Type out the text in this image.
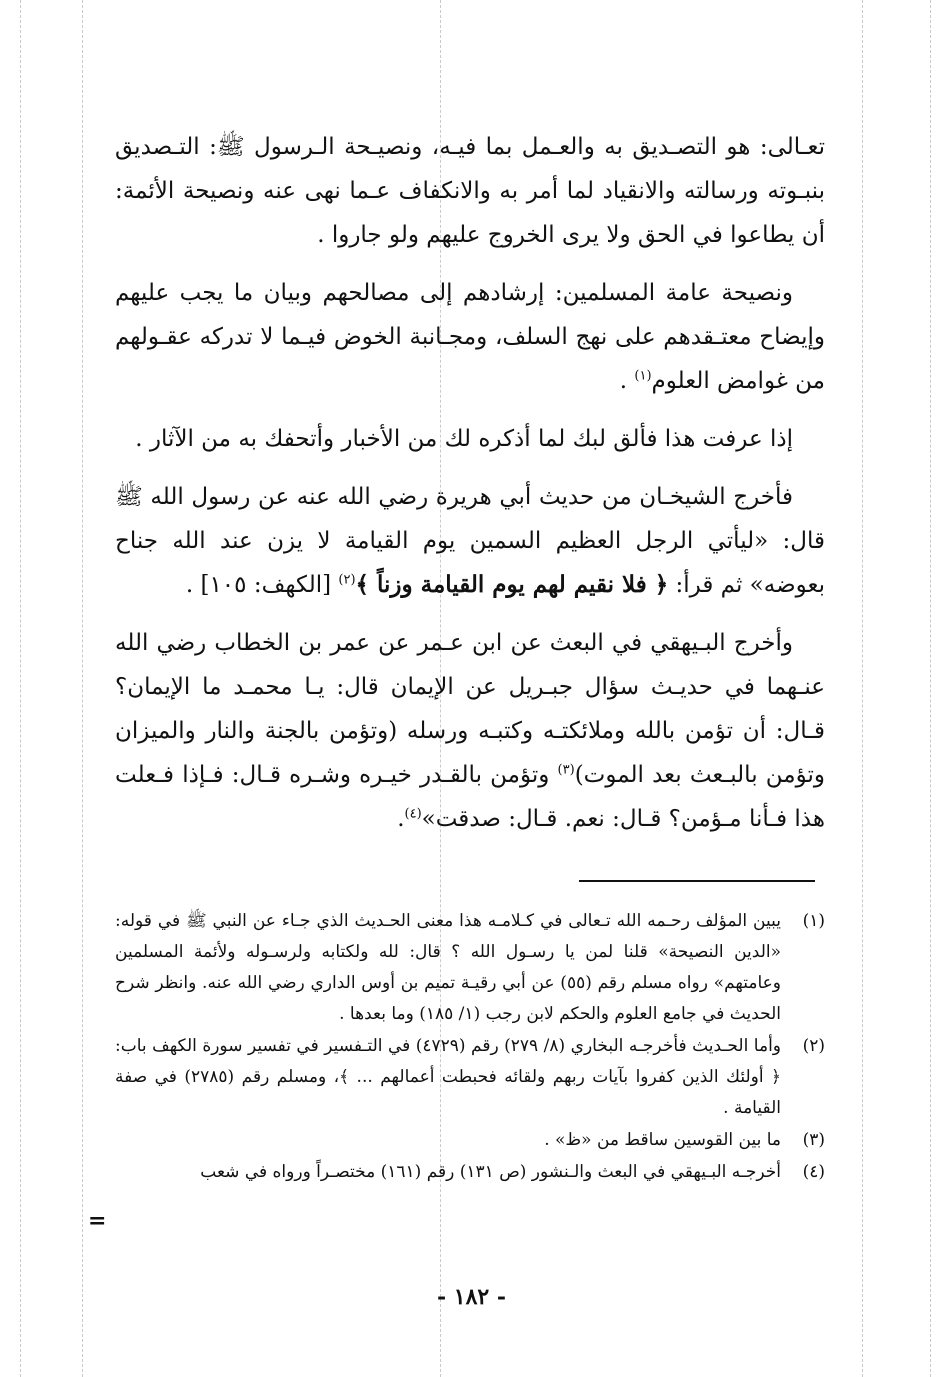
تعـالى: هو التصـديق به والعـمل بما فيـه، ونصيـحة الـرسول ﷺ: التـصديق بنبـوته ورسالته والانقياد لما أمر به والانكفاف عـما نهى عنه ونصيحة الأئمة: أن يطاعوا في الحق ولا يرى الخروج عليهم ولو جاروا .

ونصيحة عامة المسلمين: إرشادهم إلى مصالحهم وبيان ما يجب عليهم وإيضاح معتـقدهم على نهج السلف، ومجـانبة الخوض فيـما لا تدركه عقـولهم من غوامض العلوم$^{(١)}$ .

إذا عرفت هذا فألق لبك لما أذكره لك من الأخبار وأتحفك به من الآثار .

فأخرج الشيخـان من حديث أبي هريرة رضي الله عنه عن رسول الله ﷺ قال: «ليأتي الرجل العظيم السمين يوم القيامة لا يزن عند الله جناح بعوضه» ثم قرأ: ﴿ فلا نقيم لهم يوم القيامة وزناً ﴾$^{(٢)}$ [الكهف: ١٠٥] .

وأخرج البـيهقي في البعث عن ابن عـمر عن عمر بن الخطاب رضي الله عنـهما في حديـث سؤال جبـريل عن الإيمان قال: يـا محمـد ما الإيمان؟ قـال: أن تؤمن بالله وملائكتـه وكتبـه ورسله (وتؤمن بالجنة والنار والميزان وتؤمن بالبـعث بعد الموت)$^{(٣)}$ وتؤمن بالقـدر خيـره وشـره قـال: فـإذا فـعلت هذا فـأنا مـؤمن؟ قـال: نعم. قـال: صدقت»$^{(٤)}$.

(١)
يبين المؤلف رحـمه الله تـعالى في كـلامـه هذا معنى الحـديث الذي جـاء عن النبي ﷺ في قوله: «الدين النصيحة» قلنا لمن يا رسـول الله ؟ قال: لله ولكتابه ولرسـوله ولأئمة المسلمين وعامتهم» رواه مسلم رقم (٥٥) عن أبي رقيـة تميم بن أوس الداري رضي الله عنه. وانظر شرح الحديث في جامع العلوم والحكم لابن رجب (١/ ١٨٥) وما بعدها .
(٢)
وأما الحـديث فأخرجـه البخاري (٨/ ٢٧٩) رقم (٤٧٢٩) في التـفسير في تفسير سورة الكهف باب: ﴿ أولئك الذين كفروا بآيات ربهم ولقائه فحبطت أعمالهم ... ﴾، ومسلم رقم (٢٧٨٥) في صفة القيامة .
(٣)
ما بين القوسين ساقط من «ظ» .
(٤)
أخرجـه البـيهقي في البعث والـنشور (ص ١٣١) رقم (١٦١) مختصـراً ورواه في شعب
=
- ١٨٢ -
